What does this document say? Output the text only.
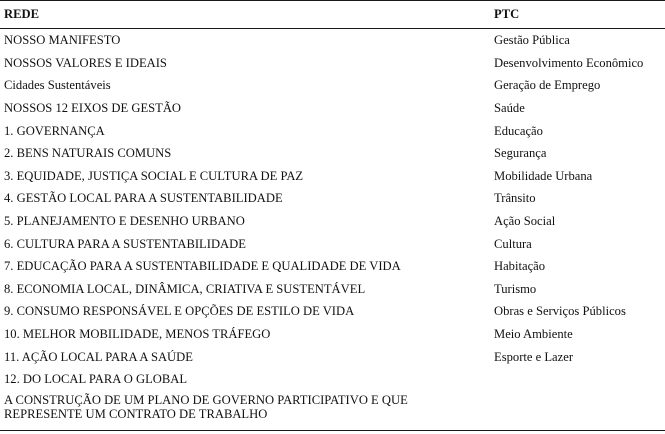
REDE	PTC
NOSSO MANIFESTO	Gestão Pública
NOSSOS VALORES E IDEAIS	Desenvolvimento Econômico
Cidades Sustentáveis	Geração de Emprego
NOSSOS 12 EIXOS DE GESTÃO	Saúde
1. GOVERNANÇA	Educação
2. BENS NATURAIS COMUNS	Segurança
3. EQUIDADE, JUSTIÇA SOCIAL E CULTURA DE PAZ	Mobilidade Urbana
4. GESTÃO LOCAL PARA A SUSTENTABILIDADE	Trânsito
5. PLANEJAMENTO E DESENHO URBANO	Ação Social
6. CULTURA PARA A SUSTENTABILIDADE	Cultura
7. EDUCAÇÃO PARA A SUSTENTABILIDADE E QUALIDADE DE VIDA	Habitação
8. ECONOMIA LOCAL, DINÂMICA, CRIATIVA E SUSTENTÁVEL	Turismo
9. CONSUMO RESPONSÁVEL E OPÇÕES DE ESTILO DE VIDA	Obras e Serviços Públicos
10. MELHOR MOBILIDADE, MENOS TRÁFEGO	Meio Ambiente
11. AÇÃO LOCAL PARA A SAÚDE	Esporte e Lazer
12. DO LOCAL PARA O GLOBAL	
A CONSTRUÇÃO DE UM PLANO DE GOVERNO PARTICIPATIVO E QUE REPRESENTE UM CONTRATO DE TRABALHO	
